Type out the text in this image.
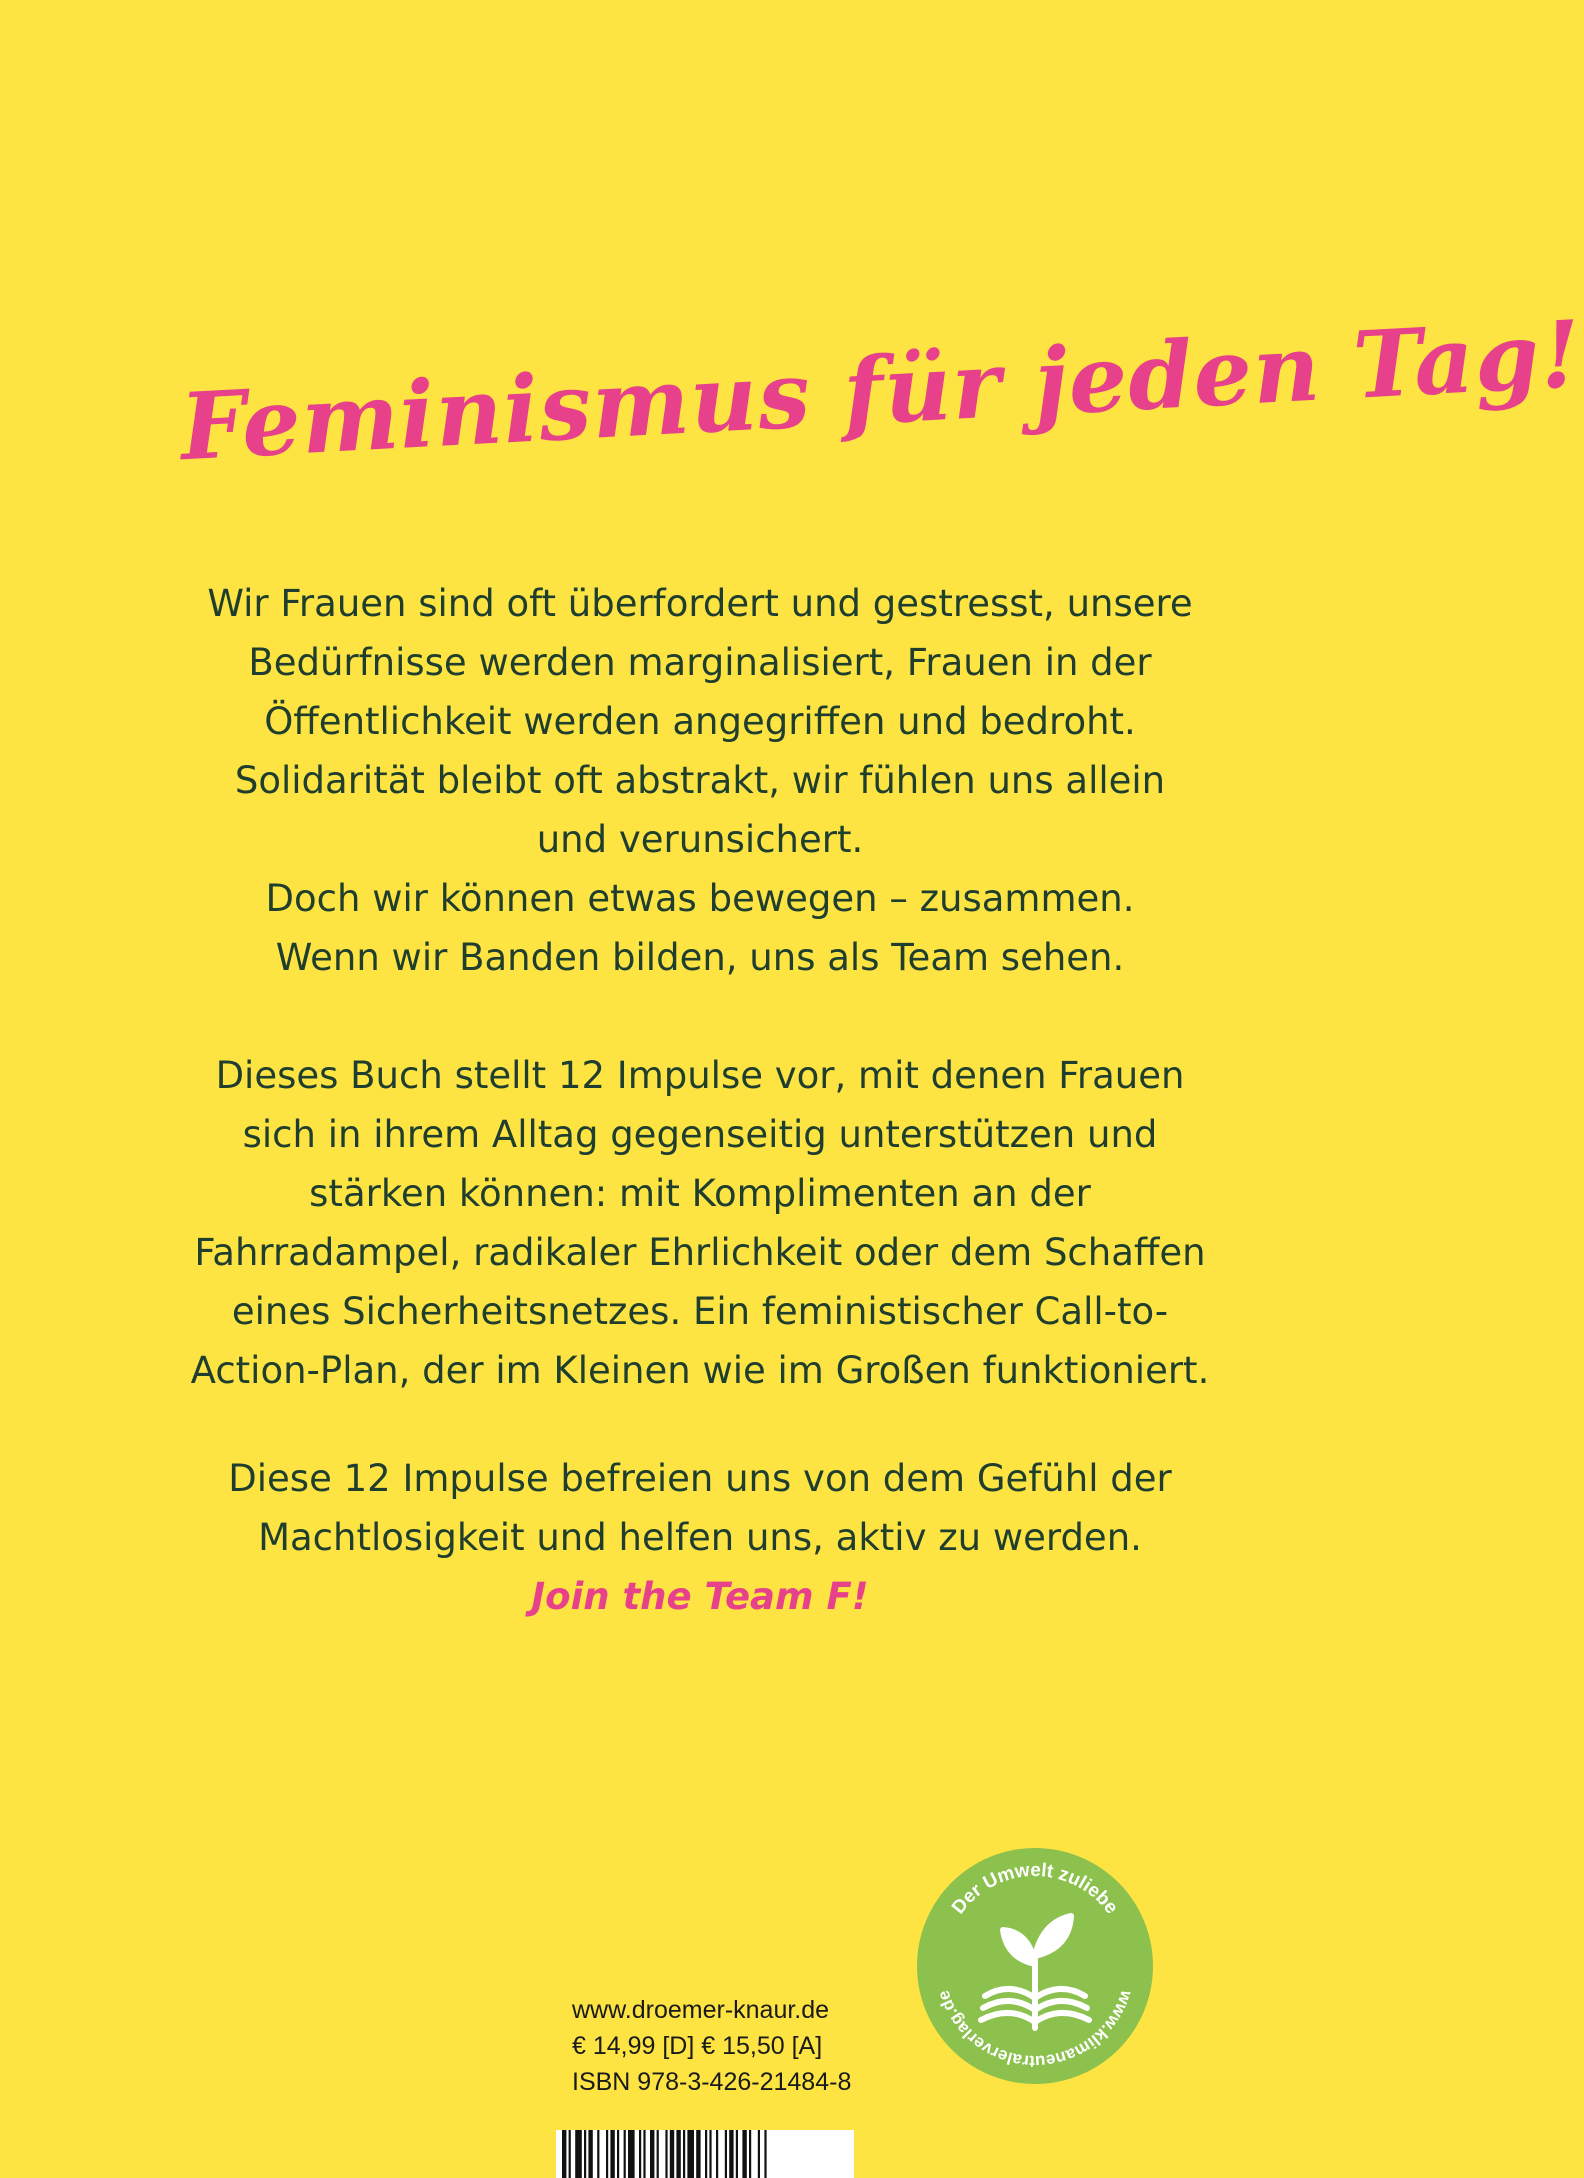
Feminismus für jeden Tag!
Wir Frauen sind oft überfordert und gestresst, unsere
Bedürfnisse werden marginalisiert, Frauen in der
Öffentlichkeit werden angegriffen und bedroht.
Solidarität bleibt oft abstrakt, wir fühlen uns allein
und verunsichert.
Doch wir können etwas bewegen – zusammen.
Wenn wir Banden bilden, uns als Team sehen.
Dieses Buch stellt 12 Impulse vor, mit denen Frauen
sich in ihrem Alltag gegenseitig unterstützen und
stärken können: mit Komplimenten an der
Fahrradampel, radikaler Ehrlichkeit oder dem Schaffen
eines Sicherheitsnetzes. Ein feministischer Call-to-
Action-Plan, der im Kleinen wie im Großen funktioniert.
Diese 12 Impulse befreien uns von dem Gefühl der
Machtlosigkeit und helfen uns, aktiv zu werden.
Join the Team F!
www.droemer-knaur.de
€ 14,99 [D] € 15,50 [A]
ISBN 978-3-426-21484-8
Der Umwelt zuliebe
www.klimaneutralerverlag.de
